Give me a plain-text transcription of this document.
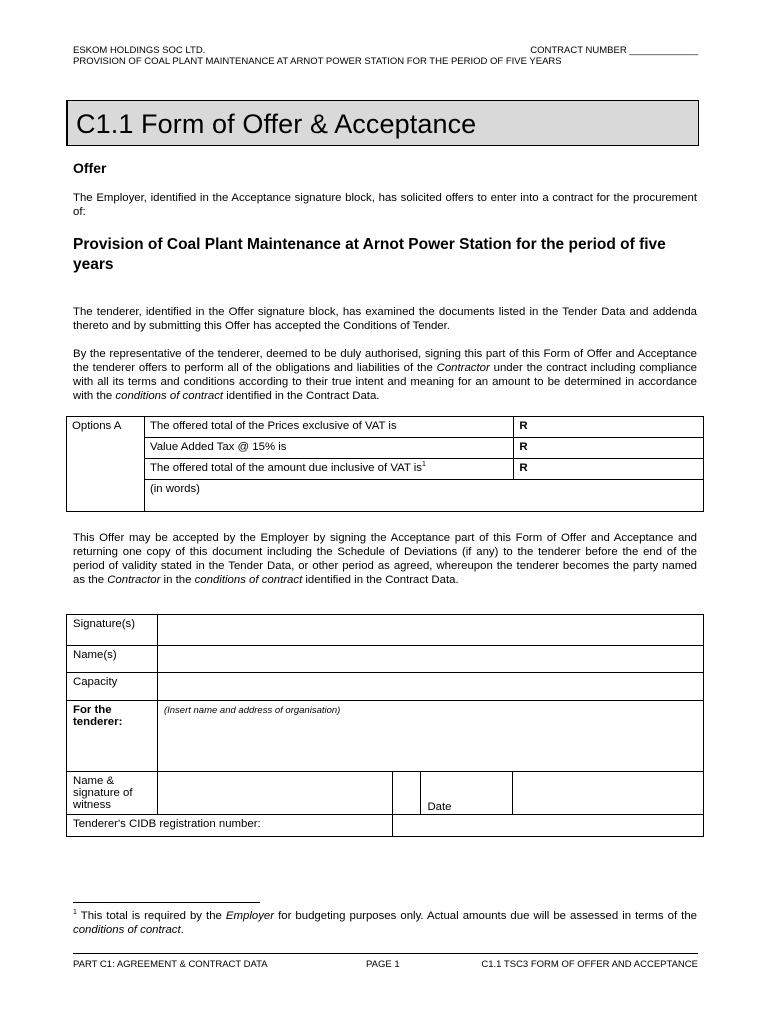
ESKOM HOLDINGS SOC LTD.	CONTRACT NUMBER _____________
PROVISION OF COAL PLANT MAINTENANCE AT ARNOT POWER STATION FOR THE PERIOD OF FIVE YEARS
C1.1 Form of Offer & Acceptance
Offer

The Employer, identified in the Acceptance signature block, has solicited offers to enter into a contract for the procurement of:

Provision of Coal Plant Maintenance at Arnot Power Station for the period of five years

The tenderer, identified in the Offer signature block, has examined the documents listed in the Tender Data and addenda thereto and by submitting this Offer has accepted the Conditions of Tender.

By the representative of the tenderer, deemed to be duly authorised, signing this part of this Form of Offer and Acceptance the tenderer offers to perform all of the obligations and liabilities of the Contractor under the contract including compliance with all its terms and conditions according to their true intent and meaning for an amount to be determined in accordance with the conditions of contract identified in the Contract Data.

Options A	The offered total of the Prices exclusive of VAT is	R
	Value Added Tax @ 15% is	R
	The offered total of the amount due inclusive of VAT $is^1$	R
	(in words)	

This Offer may be accepted by the Employer by signing the Acceptance part of this Form of Offer and Acceptance and returning one copy of this document including the Schedule of Deviations (if any) to the tenderer before the end of the period of validity stated in the Tender Data, or other period as agreed, whereupon the tenderer becomes the party named as the Contractor in the conditions of contract identified in the Contract Data.

Signature(s)				
Name(s)				
Capacity				
For the tenderer:	(Insert name and address of organisation)			
Name & signature of witness			Date	
Tenderer's CIDB registration number:				

$^1$ This total is required by the Employer for budgeting purposes only. Actual amounts due will be assessed in terms of the conditions of contract.

PART C1: AGREEMENT & CONTRACT DATA	PAGE 1	C1.1 TSC3 FORM OF OFFER AND ACCEPTANCE
